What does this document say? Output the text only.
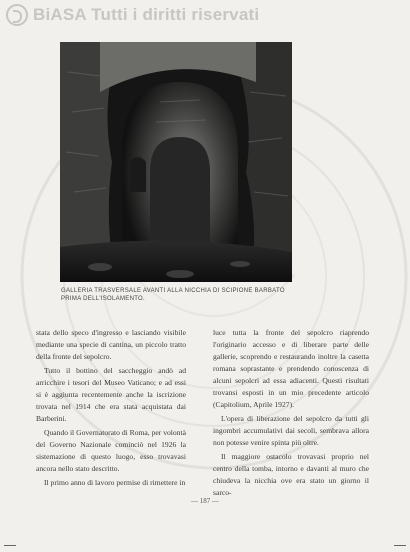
BiASA Tutti i diritti riservati
GALLERIA TRASVERSALE AVANTI ALLA NICCHIA DI SCIPIONE BARBATO
PRIMA DELL'ISOLAMENTO.

stata dello speco d'ingresso e lasciando visibile mediante una specie di cantina, un piccolo tratto della fronte del sepolcro.

Tutto il bottino del saccheggio andò ad arricchire i tesori del Museo Vaticano; e ad essi si è aggiunta recentemente anche la iscrizione trovata nel 1914 che era stata acquistata dai Barberini.

Quando il Governatorato di Roma, per volontà del Governo Nazionale cominciò nel 1926 la sistemazione di questo luogo, esso trovavasi ancora nello stato descritto.

Il primo anno di lavoro permise di rimettere in

luce tutta la fronte del sepolcro riaprendo l'originario accesso e di liberare parte delle gallerie, scoprendo e restaurando inoltre la casetta romana soprastante e prendendo conoscenza di alcuni sepolcri ad essa adiacenti. Questi risultati trovansi esposti in un mio precedente articolo (Capitolium, Aprile 1927).

L'opera di liberazione del sepolcro da tutti gli ingombri accumulativi dai secoli, sembrava allora non potesse venire spinta più oltre.

Il maggiore ostacolo trovavasi proprio nel centro della tomba, intorno e davanti al muro che chiudeva la nicchia ove era stato un giorno il sarco-

— 187 —
